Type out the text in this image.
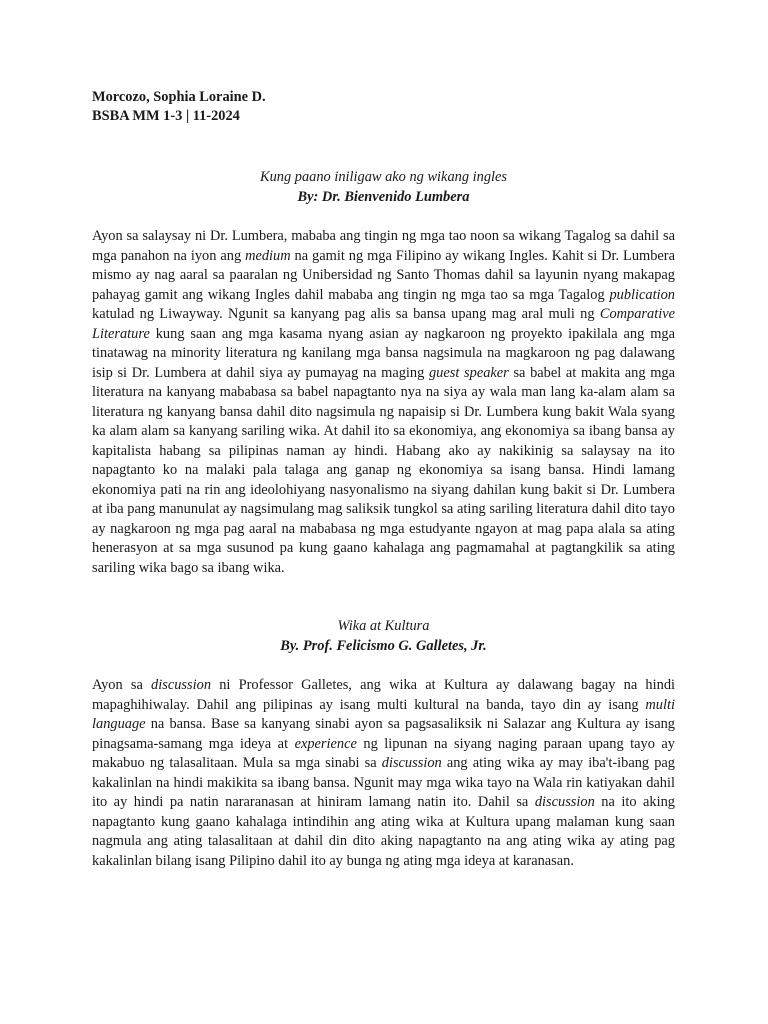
Morcozo, Sophia Loraine D.
BSBA MM 1-3 | 11-2024
Kung paano iniligaw ako ng wikang ingles
By: Dr. Bienvenido Lumbera

Ayon sa salaysay ni Dr. Lumbera, mababa ang tingin ng mga tao noon sa wikang Tagalog sa dahil sa mga panahon na iyon ang medium na gamit ng mga Filipino ay wikang Ingles. Kahit si Dr. Lumbera mismo ay nag aaral sa paaralan ng Unibersidad ng Santo Thomas dahil sa layunin nyang makapag pahayag gamit ang wikang Ingles dahil mababa ang tingin ng mga tao sa mga Tagalog publication katulad ng Liwayway. Ngunit sa kanyang pag alis sa bansa upang mag aral muli ng Comparative Literature kung saan ang mga kasama nyang asian ay nagkaroon ng proyekto ipakilala ang mga tinatawag na minority literatura ng kanilang mga bansa nagsimula na magkaroon ng pag dalawang isip si Dr. Lumbera at dahil siya ay pumayag na maging guest speaker sa babel at makita ang mga literatura na kanyang mababasa sa babel napagtanto nya na siya ay wala man lang ka-alam alam sa literatura ng kanyang bansa dahil dito nagsimula ng napaisip si Dr. Lumbera kung bakit Wala syang ka alam alam sa kanyang sariling wika. At dahil ito sa ekonomiya, ang ekonomiya sa ibang bansa ay kapitalista habang sa pilipinas naman ay hindi. Habang ako ay nakikinig sa salaysay na ito napagtanto ko na malaki pala talaga ang ganap ng ekonomiya sa isang bansa. Hindi lamang ekonomiya pati na rin ang ideolohiyang nasyonalismo na siyang dahilan kung bakit si Dr. Lumbera at iba pang manunulat ay nagsimulang mag saliksik tungkol sa ating sariling literatura dahil dito tayo ay nagkaroon ng mga pag aaral na mababasa ng mga estudyante ngayon at mag papa alala sa ating henerasyon at sa mga susunod pa kung gaano kahalaga ang pagmamahal at pagtangkilik sa ating sariling wika bago sa ibang wika.

Wika at Kultura
By. Prof. Felicismo G. Galletes, Jr.

Ayon sa discussion ni Professor Galletes, ang wika at Kultura ay dalawang bagay na hindi mapaghihiwalay. Dahil ang pilipinas ay isang multi kultural na banda, tayo din ay isang multi language na bansa. Base sa kanyang sinabi ayon sa pagsasaliksik ni Salazar ang Kultura ay isang pinagsama-samang mga ideya at experience ng lipunan na siyang naging paraan upang tayo ay makabuo ng talasalitaan. Mula sa mga sinabi sa discussion ang ating wika ay may iba't-ibang pag kakalinlan na hindi makikita sa ibang bansa. Ngunit may mga wika tayo na Wala rin katiyakan dahil ito ay hindi pa natin nararanasan at hiniram lamang natin ito. Dahil sa discussion na ito aking napagtanto kung gaano kahalaga intindihin ang ating wika at Kultura upang malaman kung saan nagmula ang ating talasalitaan at dahil din dito aking napagtanto na ang ating wika ay ating pag kakalinlan bilang isang Pilipino dahil ito ay bunga ng ating mga ideya at karanasan.
